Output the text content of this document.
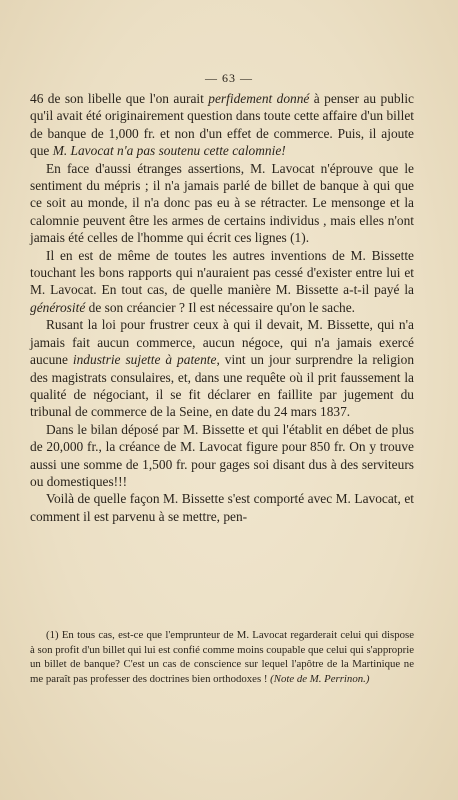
— 63 —

46 de son libelle que l'on aurait perfidement donné à penser au public qu'il avait été originairement question dans toute cette affaire d'un billet de banque de 1,000 fr. et non d'un effet de commerce. Puis, il ajoute que M. Lavocat n'a pas soutenu cette calomnie!

En face d'aussi étranges assertions, M. Lavocat n'éprouve que le sentiment du mépris ; il n'a jamais parlé de billet de banque à qui que ce soit au monde, il n'a donc pas eu à se rétracter. Le mensonge et la calomnie peuvent être les armes de certains individus , mais elles n'ont jamais été celles de l'homme qui écrit ces lignes (1).

Il en est de même de toutes les autres inventions de M. Bissette touchant les bons rapports qui n'auraient pas cessé d'exister entre lui et M. Lavocat. En tout cas, de quelle manière M. Bissette a-t-il payé la générosité de son créancier ? Il est nécessaire qu'on le sache.

Rusant la loi pour frustrer ceux à qui il devait, M. Bissette, qui n'a jamais fait aucun commerce, aucun négoce, qui n'a jamais exercé aucune industrie sujette à patente, vint un jour surprendre la religion des magistrats consulaires, et, dans une requête où il prit faussement la qualité de négociant, il se fit déclarer en faillite par jugement du tribunal de commerce de la Seine, en date du 24 mars 1837.

Dans le bilan déposé par M. Bissette et qui l'établit en débet de plus de 20,000 fr., la créance de M. Lavocat figure pour 850 fr. On y trouve aussi une somme de 1,500 fr. pour gages soi disant dus à des serviteurs ou domestiques!!!

Voilà de quelle façon M. Bissette s'est comporté avec M. Lavocat, et comment il est parvenu à se mettre, pen-

(1) En tous cas, est-ce que l'emprunteur de M. Lavocat regarderait celui qui dispose à son profit d'un billet qui lui est confié comme moins coupable que celui qui s'approprie un billet de banque? C'est un cas de conscience sur lequel l'apôtre de la Martinique ne me paraît pas professer des doctrines bien orthodoxes ! (Note de M. Perrinon.)
